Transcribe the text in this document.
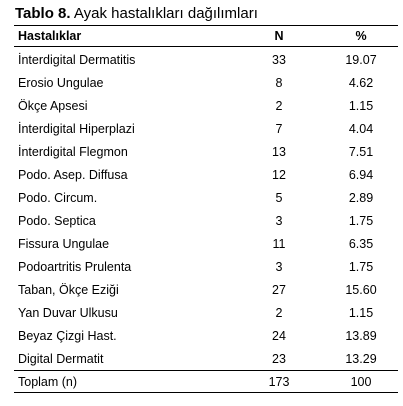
Tablo 8. Ayak hastalıkları dağılımları
Hastalıklar	N	%
İnterdigital Dermatitis	33	19.07
Erosio Ungulae	8	4.62
Ökçe Apsesi	2	1.15
İnterdigital Hiperplazi	7	4.04
İnterdigital Flegmon	13	7.51
Podo. Asep. Diffusa	12	6.94
Podo. Circum.	5	2.89
Podo. Septica	3	1.75
Fissura Ungulae	11	6.35
Podoartritis Prulenta	3	1.75
Taban, Ökçe Eziği	27	15.60
Yan Duvar Ulkusu	2	1.15
Beyaz Çizgi Hast.	24	13.89
Digital Dermatit	23	13.29
Toplam (n)	173	100
